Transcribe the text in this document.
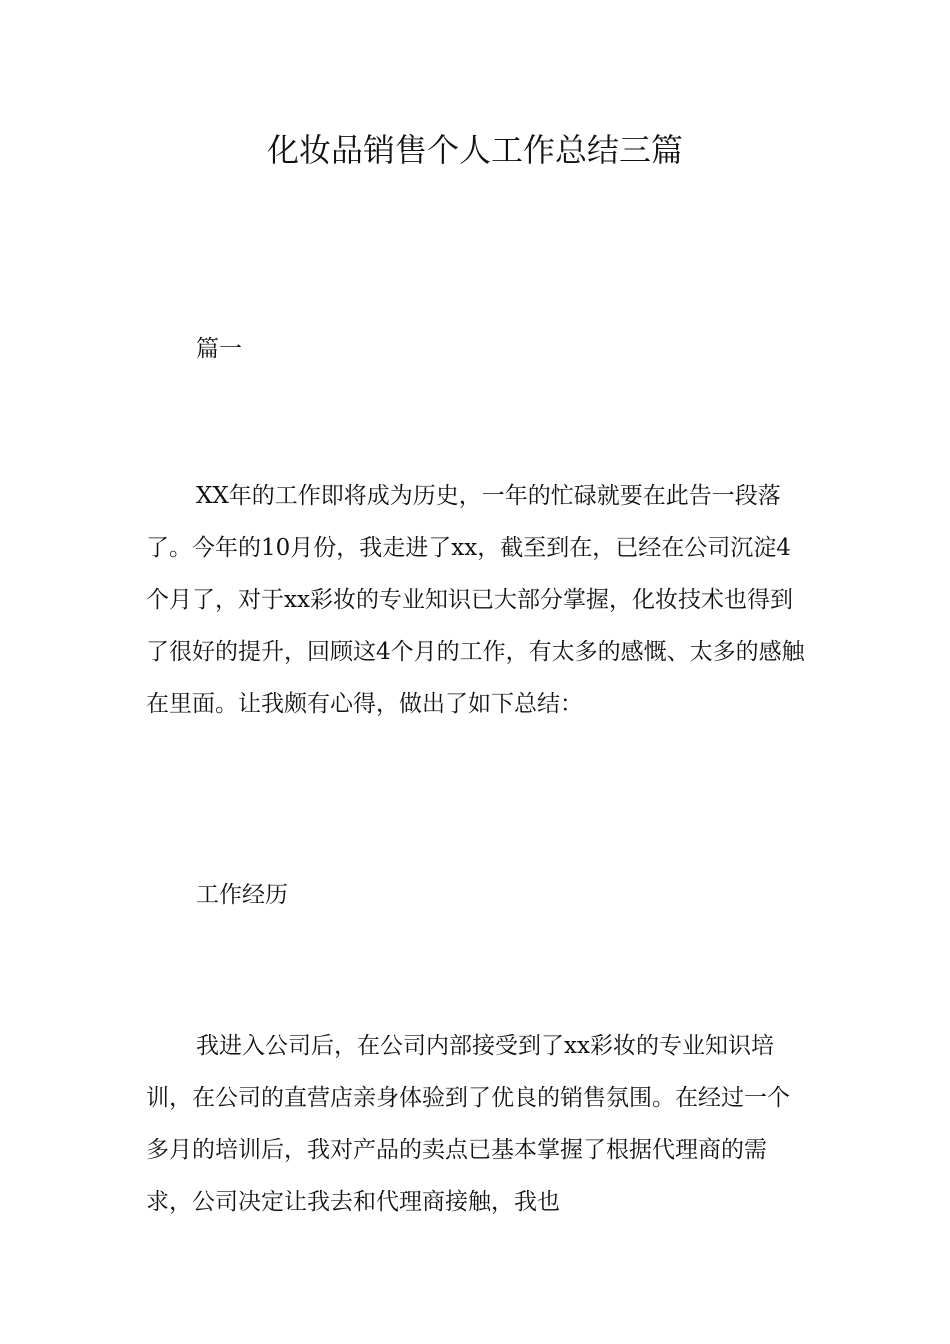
化妆品销售个人工作总结三篇

篇一

XX年的工作即将成为历史，一年的忙碌就要在此告一段落了。今年的10月份，我走进了xx，截至到在，已经在公司沉淀4个月了，对于xx彩妆的专业知识已大部分掌握，化妆技术也得到了很好的提升，回顾这4个月的工作，有太多的感慨、太多的感触在里面。让我颇有心得，做出了如下总结：

工作经历

我进入公司后，在公司内部接受到了xx彩妆的专业知识培训，在公司的直营店亲身体验到了优良的销售氛围。在经过一个多月的培训后，我对产品的卖点已基本掌握了根据代理商的需求，公司决定让我去和代理商接触，我也
